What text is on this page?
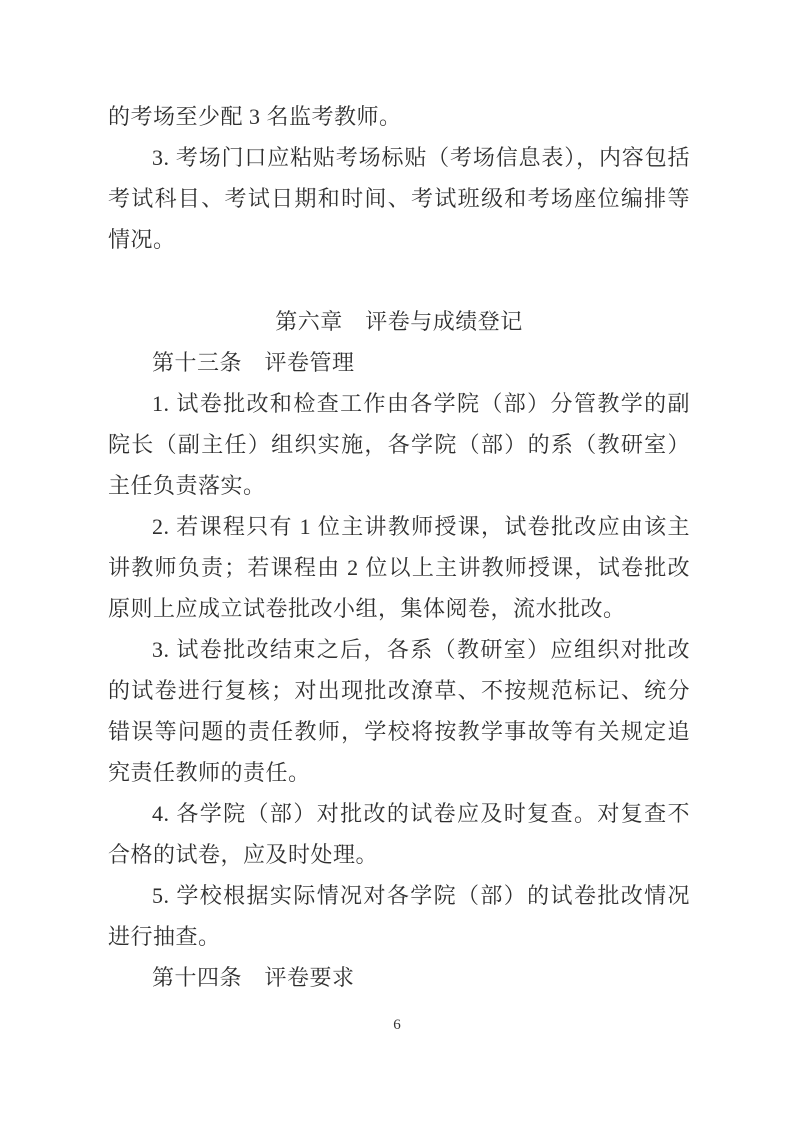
的考场至少配 3 名监考教师。

3. 考场门口应粘贴考场标贴（考场信息表），内容包括考试科目、考试日期和时间、考试班级和考场座位编排等情况。

第六章　评卷与成绩登记

第十三条　评卷管理

1. 试卷批改和检查工作由各学院（部）分管教学的副院长（副主任）组织实施，各学院（部）的系（教研室）主任负责落实。

2. 若课程只有 1 位主讲教师授课，试卷批改应由该主讲教师负责；若课程由 2 位以上主讲教师授课，试卷批改原则上应成立试卷批改小组，集体阅卷，流水批改。

3. 试卷批改结束之后，各系（教研室）应组织对批改的试卷进行复核；对出现批改潦草、不按规范标记、统分错误等问题的责任教师，学校将按教学事故等有关规定追究责任教师的责任。

4. 各学院（部）对批改的试卷应及时复查。对复查不合格的试卷，应及时处理。

5. 学校根据实际情况对各学院（部）的试卷批改情况进行抽查。

第十四条　评卷要求

6
